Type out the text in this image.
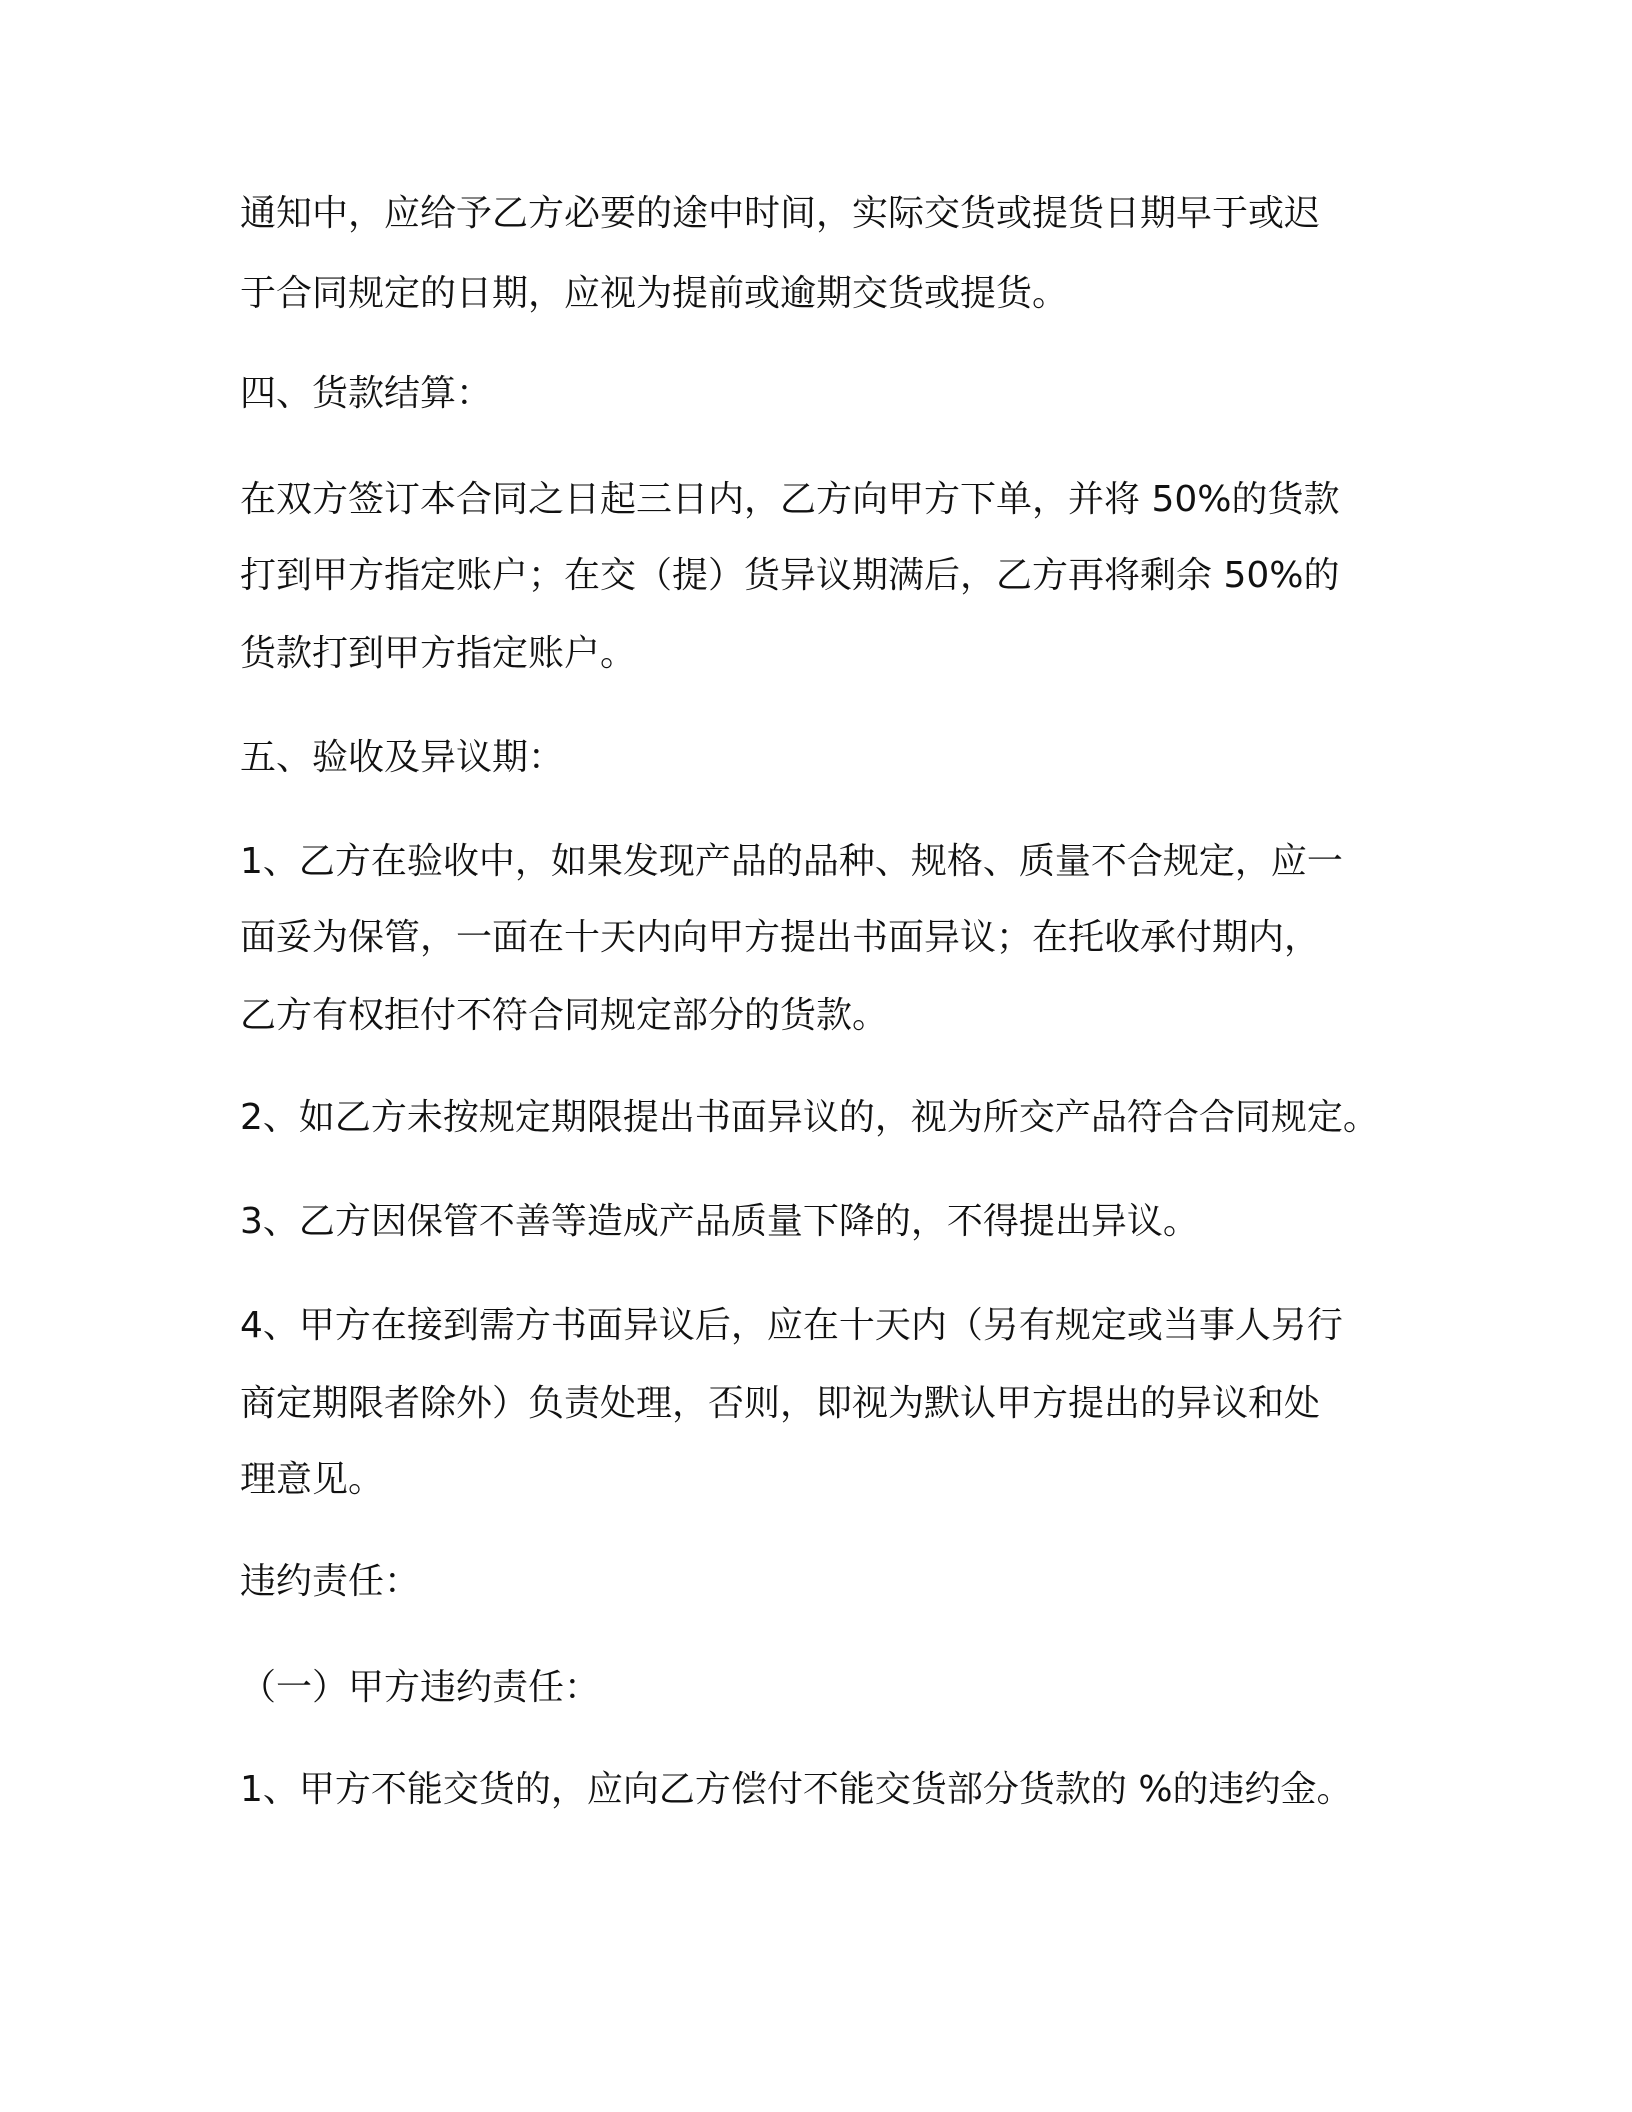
通知中，应给予乙方必要的途中时间，实际交货或提货日期早于或迟

于合同规定的日期，应视为提前或逾期交货或提货。

四、货款结算：

在双方签订本合同之日起三日内，乙方向甲方下单，并将 50%的货款

打到甲方指定账户；在交（提）货异议期满后，乙方再将剩余 50%的

货款打到甲方指定账户。

五、验收及异议期：

1、乙方在验收中，如果发现产品的品种、规格、质量不合规定，应一

面妥为保管，一面在十天内向甲方提出书面异议；在托收承付期内，

乙方有权拒付不符合同规定部分的货款。

2、如乙方未按规定期限提出书面异议的，视为所交产品符合合同规定。

3、乙方因保管不善等造成产品质量下降的，不得提出异议。

4、甲方在接到需方书面异议后，应在十天内（另有规定或当事人另行

商定期限者除外）负责处理，否则，即视为默认甲方提出的异议和处

理意见。

违约责任：

（一）甲方违约责任：

1、甲方不能交货的，应向乙方偿付不能交货部分货款的 %的违约金。
